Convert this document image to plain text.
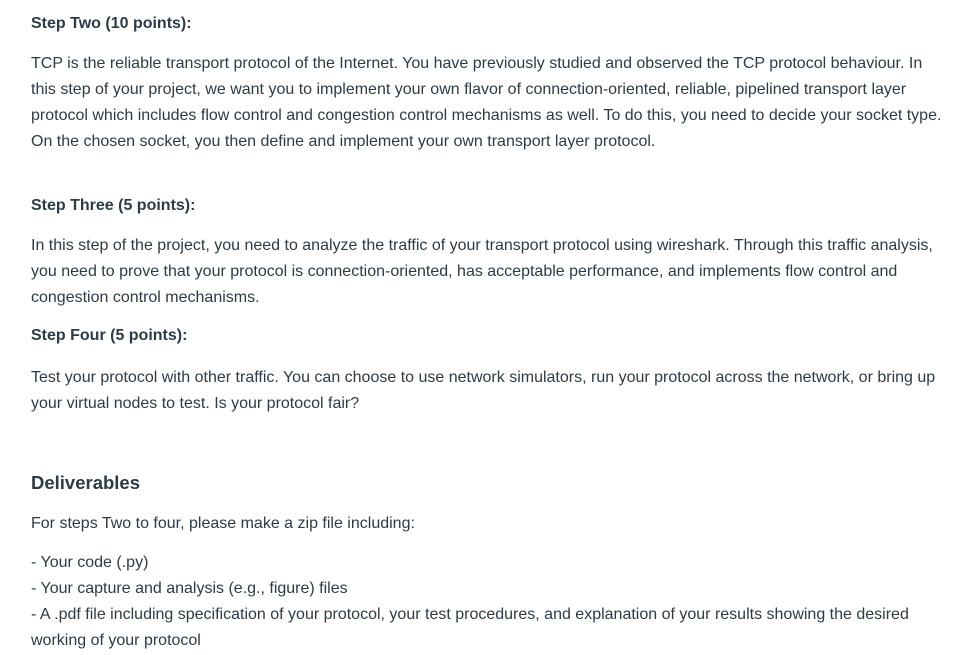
Step Two (10 points):
TCP is the reliable transport protocol of the Internet. You have previously studied and observed the TCP protocol behaviour. In this step of your project, we want you to implement your own flavor of connection-oriented, reliable, pipelined transport layer protocol which includes flow control and congestion control mechanisms as well. To do this, you need to decide your socket type. On the chosen socket, you then define and implement your own transport layer protocol.
Step Three (5 points):
In this step of the project, you need to analyze the traffic of your transport protocol using wireshark. Through this traffic analysis, you need to prove that your protocol is connection-oriented, has acceptable performance, and implements flow control and congestion control mechanisms.
Step Four (5 points):
Test your protocol with other traffic. You can choose to use network simulators, run your protocol across the network, or bring up your virtual nodes to test. Is your protocol fair?
Deliverables
For steps Two to four, please make a zip file including:
- Your code (.py)
- Your capture and analysis (e.g., figure) files
- A .pdf file including specification of your protocol, your test procedures, and explanation of your results showing the desired working of your protocol
